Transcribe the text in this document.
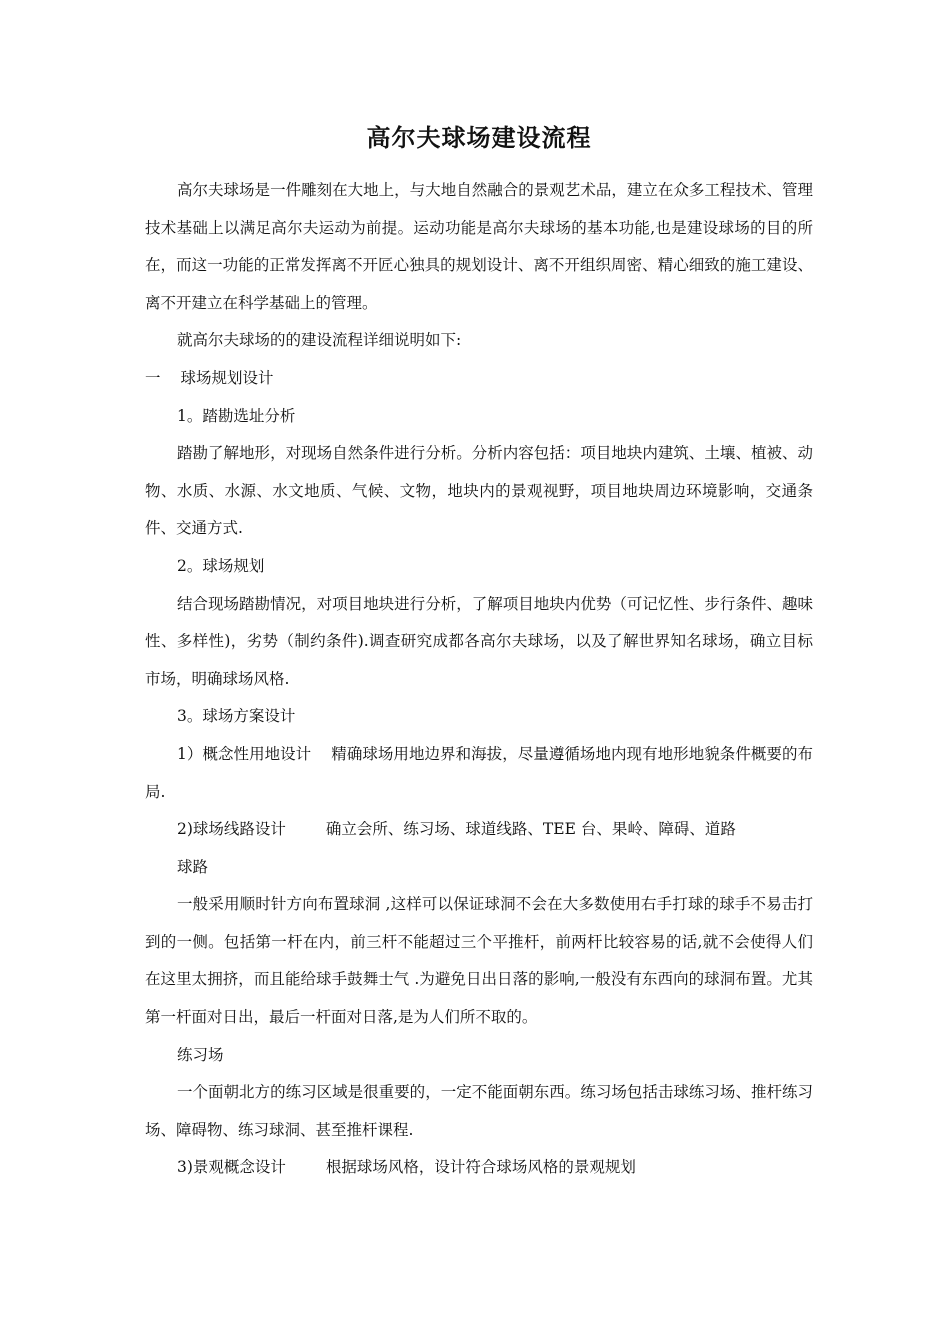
高尔夫球场建设流程

高尔夫球场是一件雕刻在大地上，与大地自然融合的景观艺术品，建立在众多工程技术、管理技术基础上以满足高尔夫运动为前提。运动功能是高尔夫球场的基本功能,也是建设球场的目的所在，而这一功能的正常发挥离不开匠心独具的规划设计、离不开组织周密、精心细致的施工建设、离不开建立在科学基础上的管理。

就高尔夫球场的的建设流程详细说明如下:

一 球场规划设计

1。踏勘选址分析

踏勘了解地形，对现场自然条件进行分析。分析内容包括：项目地块内建筑、土壤、植被、动物、水质、水源、水文地质、气候、文物，地块内的景观视野，项目地块周边环境影响，交通条件、交通方式.

2。球场规划

结合现场踏勘情况，对项目地块进行分析，了解项目地块内优势（可记忆性、步行条件、趣味性、多样性)，劣势（制约条件).调查研究成都各高尔夫球场，以及了解世界知名球场，确立目标市场，明确球场风格.

3。球场方案设计

1）概念性用地设计 精确球场用地边界和海拔，尽量遵循场地内现有地形地貌条件概要的布局.

2)球场线路设计	确立会所、练习场、球道线路、TEE 台、果岭、障碍、道路

球路

一般采用顺时针方向布置球洞 ,这样可以保证球洞不会在大多数使用右手打球的球手不易击打到的一侧。包括第一杆在内，前三杆不能超过三个平推杆，前两杆比较容易的话,就不会使得人们在这里太拥挤，而且能给球手鼓舞士气 .为避免日出日落的影响,一般没有东西向的球洞布置。尤其第一杆面对日出，最后一杆面对日落,是为人们所不取的。

练习场

一个面朝北方的练习区域是很重要的，一定不能面朝东西。练习场包括击球练习场、推杆练习场、障碍物、练习球洞、甚至推杆课程.

3)景观概念设计	根据球场风格，设计符合球场风格的景观规划
